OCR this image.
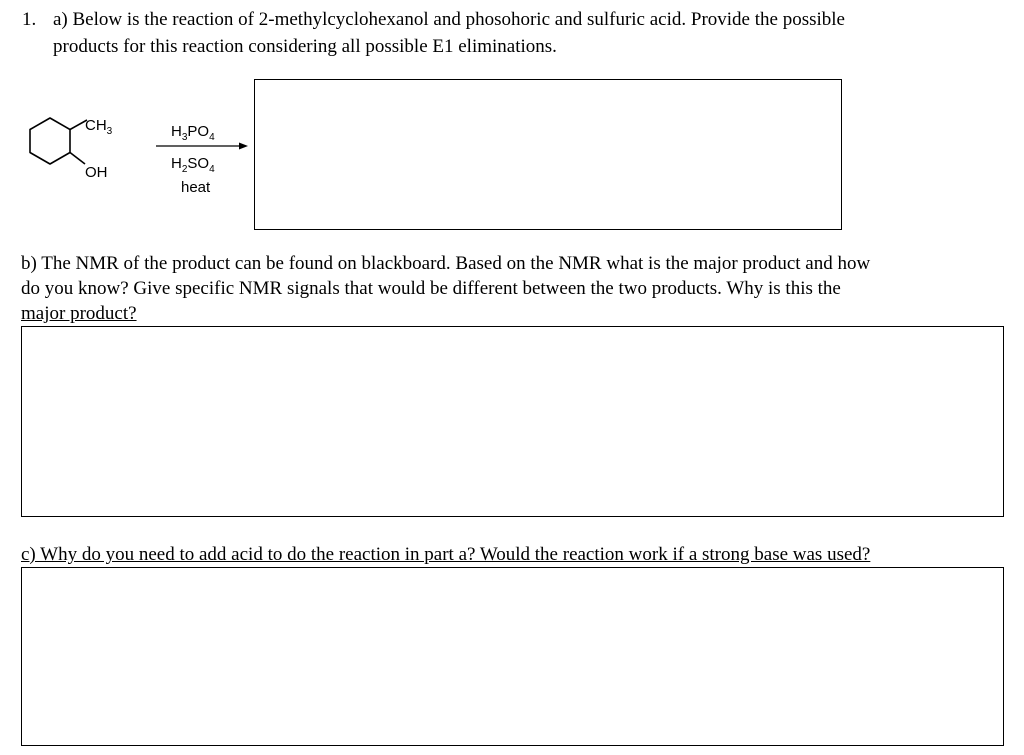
1. a) Below is the reaction of 2-methylcyclohexanol and phosohoric and sulfuric acid. Provide the possible
products for this reaction considering all possible E1 eliminations.
$CH_3$
OH
$H_3PO_4$
$H_2SO_4$
heat
b) The NMR of the product can be found on blackboard. Based on the NMR what is the major product and how
do you know? Give specific NMR signals that would be different between the two products. Why is this the
major product?
c) Why do you need to add acid to do the reaction in part a? Would the reaction work if a strong base was used?
